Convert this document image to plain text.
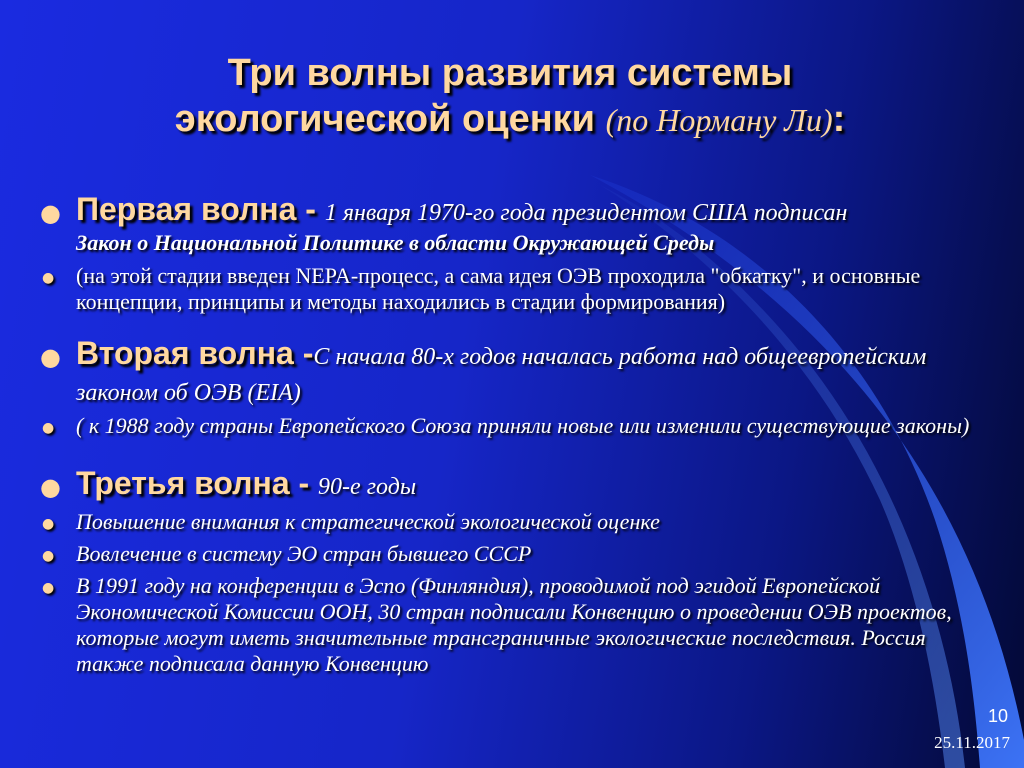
Три волны развития системы
экологической оценки (по Норману Ли):
● Первая волна - 1 января 1970-го года президентом США подписан
Закон о Национальной Политике в области Окружающей Среды
● (на этой стадии введен NEPA-процесс, а сама идея ОЭВ проходила "обкатку", и основные концепции, принципы и методы находились в стадии формирования)
● Вторая волна -С начала 80-х годов началась работа над общеевропейским законом об ОЭВ (EIA)
● ( к 1988 году страны Европейского Союза приняли новые или изменили существующие законы)
● Третья волна - 90-е годы
● Повышение внимания к стратегической экологической оценке
● Вовлечение в систему ЭО стран бывшего СССР
● В 1991 году на конференции в Эспо (Финляндия), проводимой под эгидой Европейской Экономической Комиссии ООН, 30 стран подписали Конвенцию о проведении ОЭВ проектов, которые могут иметь значительные трансграничные экологические последствия. Россия также подписала данную Конвенцию
10
25.11.2017
